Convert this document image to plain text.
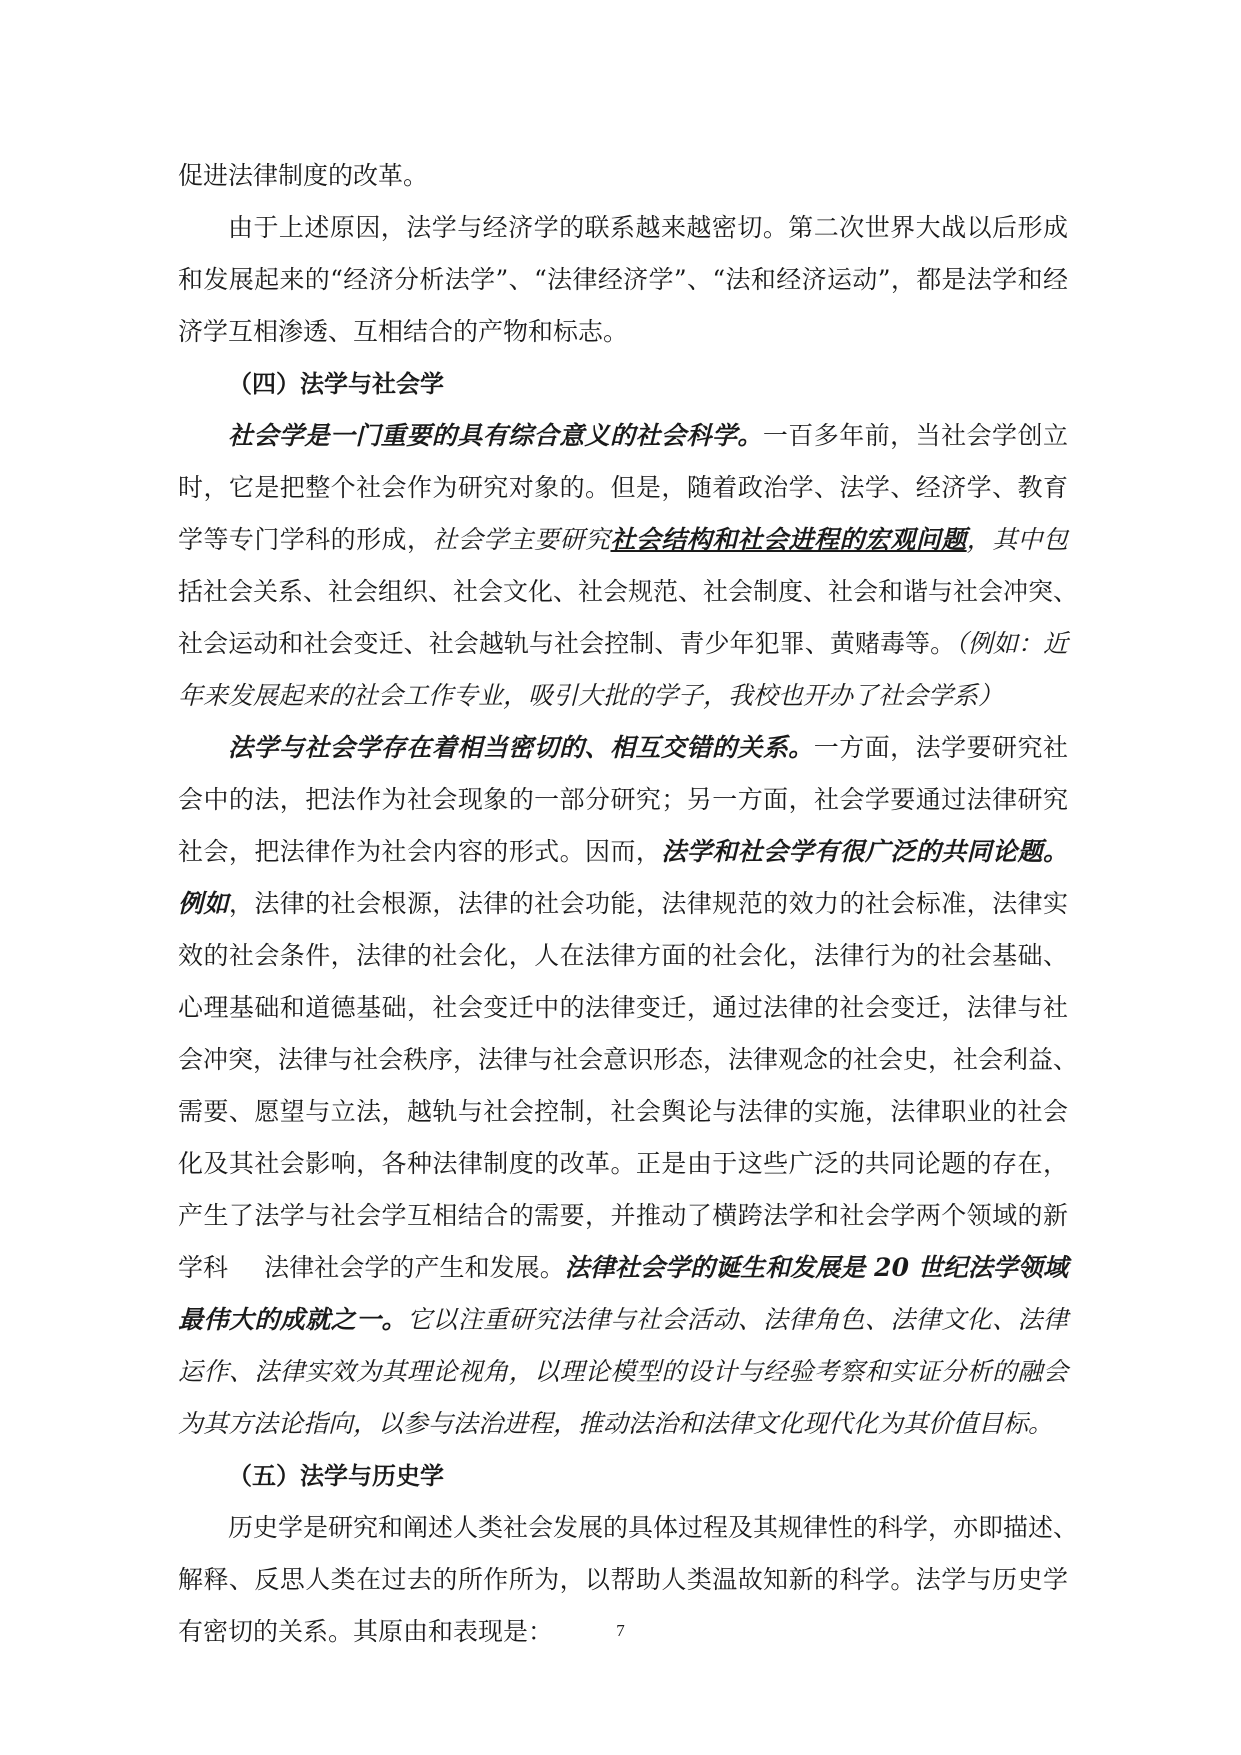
促进法律制度的改革。
由于上述原因，法学与经济学的联系越来越密切。第二次世界大战以后形成
和发展起来的“经济分析法学”、“法律经济学”、“法和经济运动”，都是法学和经
济学互相渗透、互相结合的产物和标志。
（四）法学与社会学
社会学是一门重要的具有综合意义的社会科学。一百多年前，当社会学创立
时，它是把整个社会作为研究对象的。但是，随着政治学、法学、经济学、教育
学等专门学科的形成，社会学主要研究社会结构和社会进程的宏观问题，其中包
括社会关系、社会组织、社会文化、社会规范、社会制度、社会和谐与社会冲突、
社会运动和社会变迁、社会越轨与社会控制、青少年犯罪、黄赌毒等。（例如：近
年来发展起来的社会工作专业，吸引大批的学子，我校也开办了社会学系）
法学与社会学存在着相当密切的、相互交错的关系。一方面，法学要研究社
会中的法，把法作为社会现象的一部分研究；另一方面，社会学要通过法律研究
社会，把法律作为社会内容的形式。因而，法学和社会学有很广泛的共同论题。
例如，法律的社会根源，法律的社会功能，法律规范的效力的社会标准，法律实
效的社会条件，法律的社会化，人在法律方面的社会化，法律行为的社会基础、
心理基础和道德基础，社会变迁中的法律变迁，通过法律的社会变迁，法律与社
会冲突，法律与社会秩序，法律与社会意识形态，法律观念的社会史，社会利益、
需要、愿望与立法，越轨与社会控制，社会舆论与法律的实施，法律职业的社会
化及其社会影响，各种法律制度的改革。正是由于这些广泛的共同论题的存在，
产生了法学与社会学互相结合的需要，并推动了横跨法学和社会学两个领域的新
学科 法律社会学的产生和发展。法律社会学的诞生和发展是 20 世纪法学领域
最伟大的成就之一。它以注重研究法律与社会活动、法律角色、法律文化、法律
运作、法律实效为其理论视角，以理论模型的设计与经验考察和实证分析的融会
为其方法论指向，以参与法治进程，推动法治和法律文化现代化为其价值目标。
（五）法学与历史学
历史学是研究和阐述人类社会发展的具体过程及其规律性的科学，亦即描述、
解释、反思人类在过去的所作所为，以帮助人类温故知新的科学。法学与历史学
有密切的关系。其原由和表现是：	7
